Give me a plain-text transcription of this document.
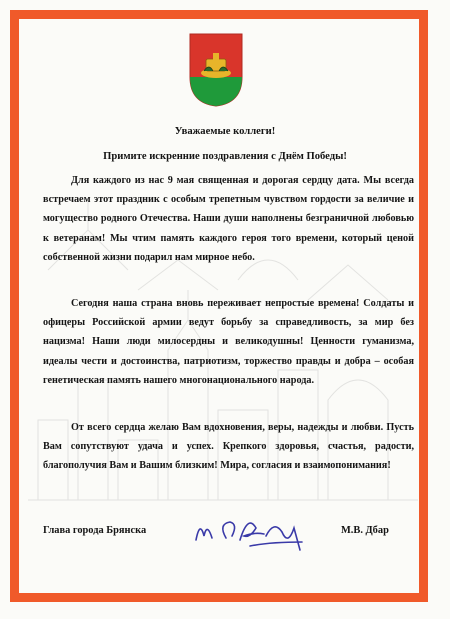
Уважаемые коллеги!
Примите искренние поздравления с Днём Победы!

Для каждого из нас 9 мая священная и дорогая сердцу дата. Мы всегда встречаем этот праздник с особым трепетным чувством гордости за величие и могущество родного Отечества. Наши души наполнены безграничной любовью к ветеранам! Мы чтим память каждого героя того времени, который ценой собственной жизни подарил нам мирное небо.

Сегодня наша страна вновь переживает непростые времена! Солдаты и офицеры Российской армии ведут борьбу за справедливость, за мир без нацизма! Наши люди милосердны и великодушны! Ценности гуманизма, идеалы чести и достоинства, патриотизм, торжество правды и добра – особая генетическая память нашего многонационального народа.

От всего сердца желаю Вам вдохновения, веры, надежды и любви. Пусть Вам сопутствуют удача и успех. Крепкого здоровья, счастья, радости, благополучия Вам и Вашим близким! Мира, согласия и взаимопонимания!

Глава города Брянска	М.В. Дбар
